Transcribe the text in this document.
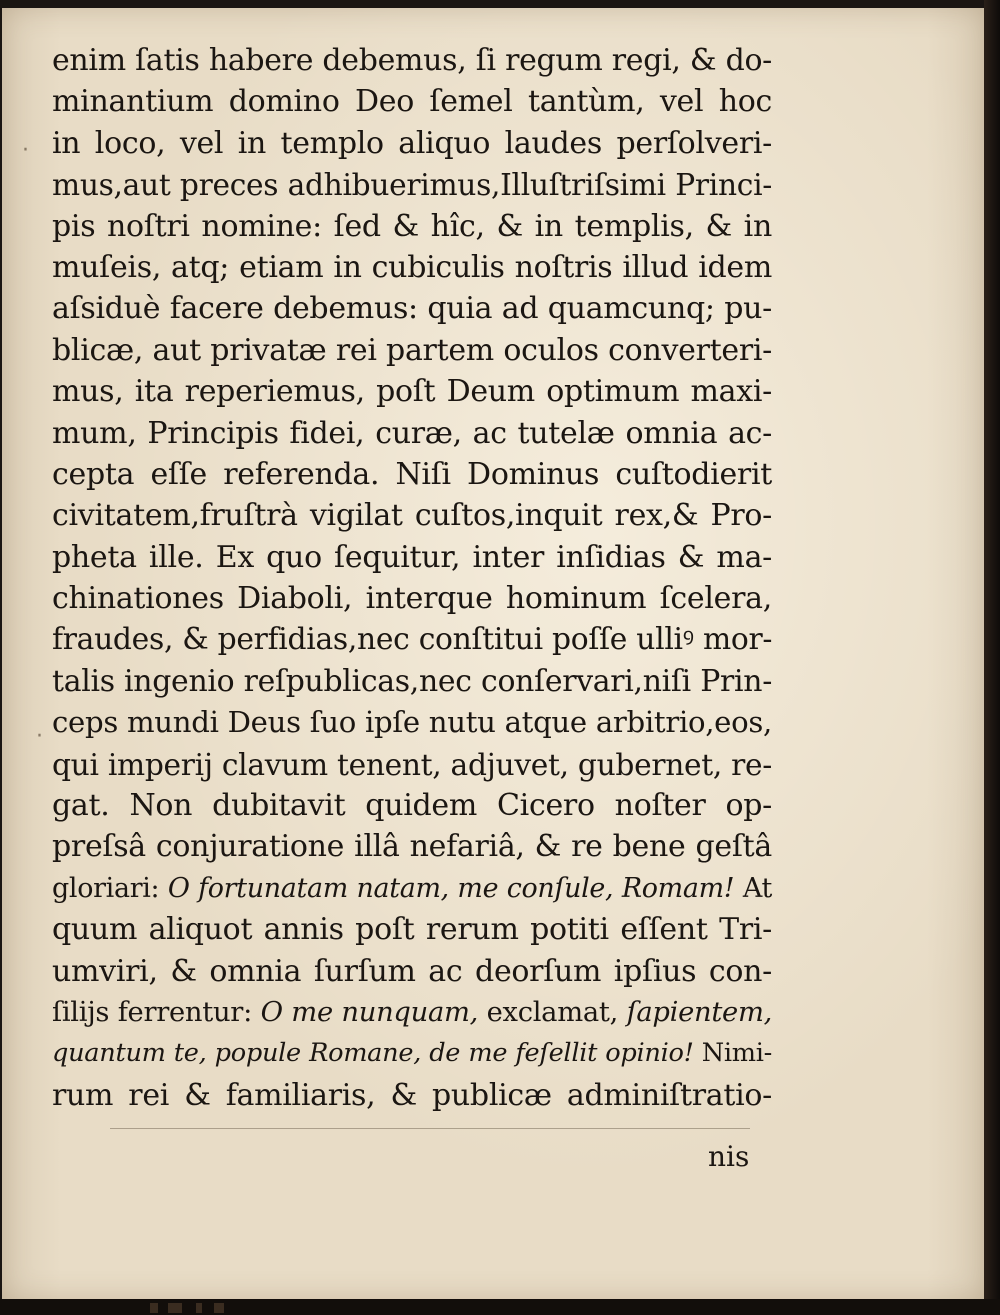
·
·
enim ſatis habere debemus, ſi regum regi, & do-
minantium domino Deo ſemel tantùm, vel hoc
in loco, vel in templo aliquo laudes perſolveri-
mus,aut preces adhibuerimus,Illuſtriſsimi Princi-
pis noſtri nomine: ſed & hîc, & in templis, & in
muſeis, atq; etiam in cubiculis noſtris illud idem
aſsiduè facere debemus: quia ad quamcunq; pu-
blicæ, aut privatæ rei partem oculos converteri-
mus, ita reperiemus, poſt Deum optimum maxi-
mum, Principis fidei, curæ, ac tutelæ omnia ac-
cepta eſſe referenda. Niſi Dominus cuſtodierit
civitatem,fruſtrà vigilat cuſtos,inquit rex,& Pro-
pheta ille. Ex quo ſequitur, inter inſidias & ma-
chinationes Diaboli, interque hominum ſcelera,
fraudes, & perfidias,nec conſtitui poſſe ulliꝰ mor-
talis ingenio reſpublicas,nec conſervari,niſi Prin-
ceps mundi Deus ſuo ipſe nutu atque arbitrio,eos,
qui imperij clavum tenent, adjuvet, gubernet, re-
gat. Non dubitavit quidem Cicero noſter op-
preſsâ conjuratione illâ nefariâ, & re bene geſtâ
gloriari: O fortunatam natam, me conſule, Romam! At
quum aliquot annis poſt rerum potiti eſſent Tri-
umviri, & omnia ſurſum ac deorſum ipſius con-
ſilijs ferrentur: O me nunquam, exclamat, ſapientem,
quantum te, popule Romane, de me feſellit opinio! Nimi-
rum rei & familiaris, & publicæ adminiſtratio-
nis
